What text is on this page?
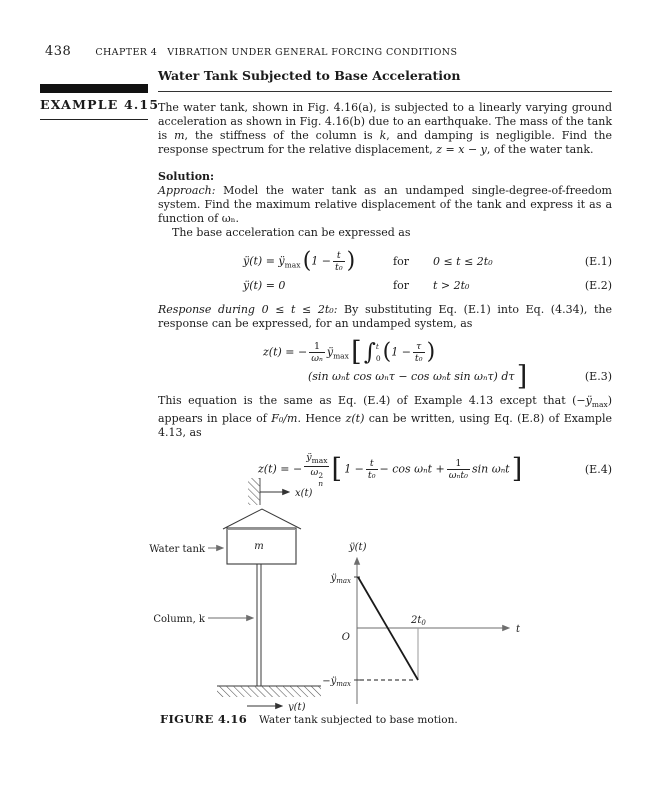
438	CHAPTER 4 VIBRATION UNDER GENERAL FORCING CONDITIONS
EXAMPLE 4.15
Water Tank Subjected to Base Acceleration

The water tank, shown in Fig. 4.16(a), is subjected to a linearly varying ground acceleration as shown in Fig. 4.16(b) due to an earthquake. The mass of the tank is m, the stiffness of the column is k, and damping is negligible. Find the response spectrum for the relative displacement, z = x − y, of the water tank.

Solution:

Approach: Model the water tank as an undamped single-degree-of-freedom system. Find the maximum relative displacement of the tank and express it as a function of ωₙ.

The base acceleration can be expressed as

ÿ(t) = $ÿ_{max}$  ($1 - \frac{t}{\text{t₀}}$ )	for 0 ≤ t ≤ 2t₀	(E.1)
ÿ(t) = 0	for t > 2t₀	(E.2)

Response during 0 ≤ t ≤ 2t₀: By substituting Eq. (E.1) into Eq. (4.34), the response can be expressed, for an undamped system, as

z(t) = − $\frac{1}{\text{ωₙ}}$ $ÿ_{max}$ [ ∫ t
0 ($1 - \frac{\tau}{\text{t₀}}$ )
(sin ωₙt cos ωₙτ − cos ωₙt sin ωₙτ) dτ ]	(E.3)

This equation is the same as Eq. (E.4) of Example 4.13 except that $(-ÿ_{max})$ appears in place of F₀/m. Hence z(t) can be written, using Eq. (E.8) of Example 4.13, as

z(t) = − $ÿ_{max}$
ω 2
n [  $1 - \frac{t}{\text{t₀}} - \cos \omega_nt + \frac{1}{\text{ωₙt₀}}$ sin ωₙt ]	(E.4)
x(t)
m
Water tank
Column, k
y(t)
ÿ(t)
t
$ÿ_{max}$
O
$2t_0$
$-ÿ_{max}$
FIGURE 4.16 Water tank subjected to base motion.
